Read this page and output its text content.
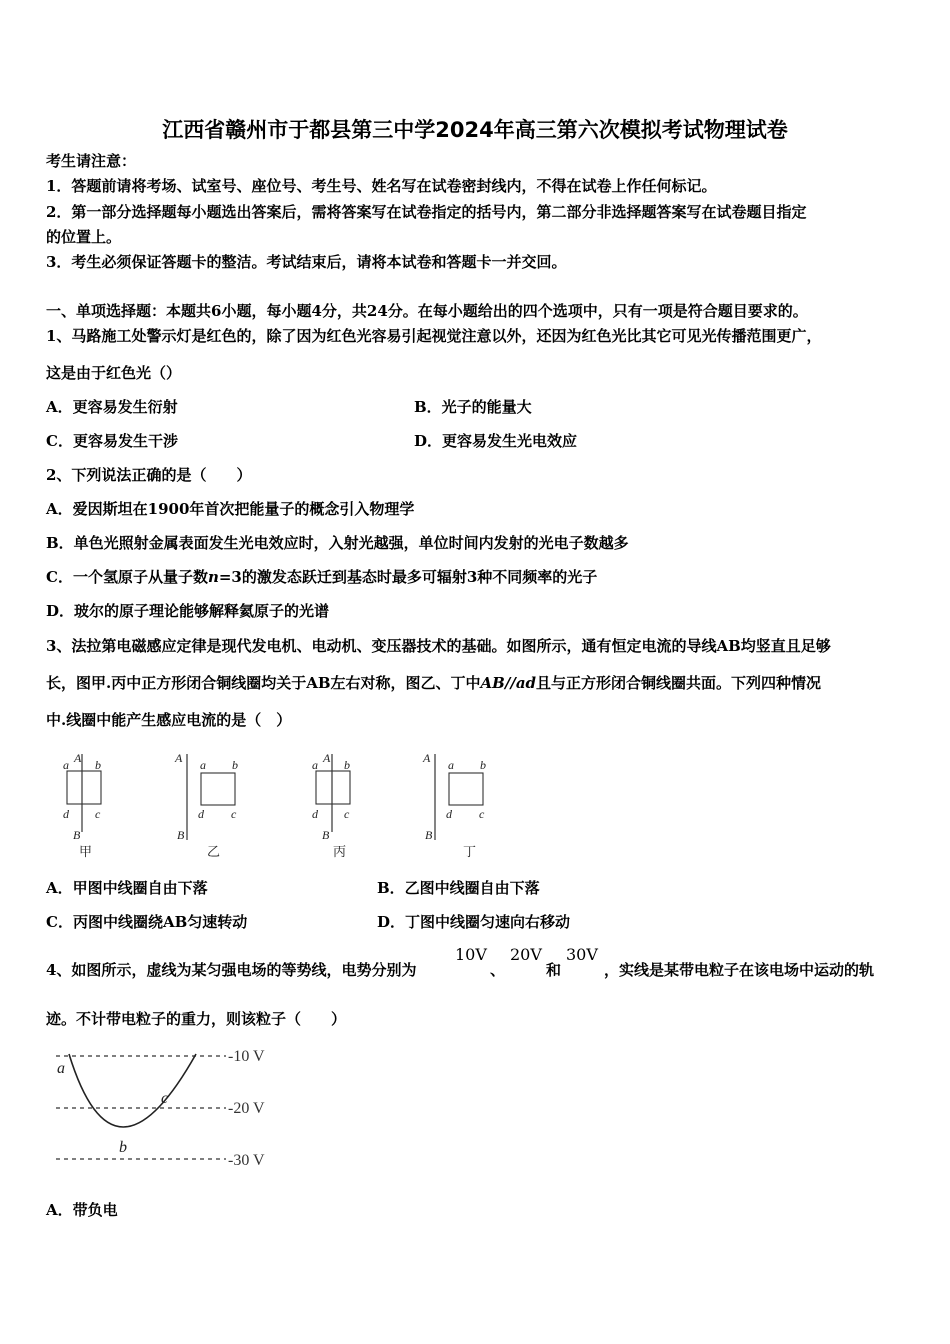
江西省赣州市于都县第三中学2024年高三第六次模拟考试物理试卷
考生请注意：
1．答题前请将考场、试室号、座位号、考生号、姓名写在试卷密封线内，不得在试卷上作任何标记。
2．第一部分选择题每小题选出答案后，需将答案写在试卷指定的括号内，第二部分非选择题答案写在试卷题目指定
的位置上。
3．考生必须保证答题卡的整洁。考试结束后，请将本试卷和答题卡一并交回。
一、单项选择题：本题共6小题，每小题4分，共24分。在每小题给出的四个选项中，只有一项是符合题目要求的。
1、马路施工处警示灯是红色的，除了因为红色光容易引起视觉注意以外，还因为红色光比其它可见光传播范围更广，
这是由于红色光（）
A．更容易发生衍射	B．光子的能量大
C．更容易发生干涉	D．更容易发生光电效应
2、下列说法正确的是（　　）
A．爱因斯坦在1900年首次把能量子的概念引入物理学
B．单色光照射金属表面发生光电效应时，入射光越强，单位时间内发射的光电子数越多
C．一个氢原子从量子数n=3的激发态跃迁到基态时最多可辐射3种不同频率的光子
D．玻尔的原子理论能够解释氦原子的光谱
3、法拉第电磁感应定律是现代发电机、电动机、变压器技术的基础。如图所示，通有恒定电流的导线AB均竖直且足够
长，图甲.丙中正方形闭合铜线圈均关于AB左右对称，图乙、丁中AB//ad且与正方形闭合铜线圈共面。下列四种情况
中.线圈中能产生感应电流的是（　）
A
a b
c
d
B
甲
A a b
c
d
B
乙
A
a b
c
d
B
丙
A a b
c
d
B
丁
A．甲图中线圈自由下落	B．乙图中线圈自由下落
C．丙图中线圈绕AB匀速转动	D．丁图中线圈匀速向右移动
4、如图所示，虚线为某匀强电场的等势线，电势分别为
10V
、
20V
和
30V
，实线是某带电粒子在该电场中运动的轨
迹。不计带电粒子的重力，则该粒子（　　）
-10 V
-20 V
-30 V
a
b
c
A．带负电
